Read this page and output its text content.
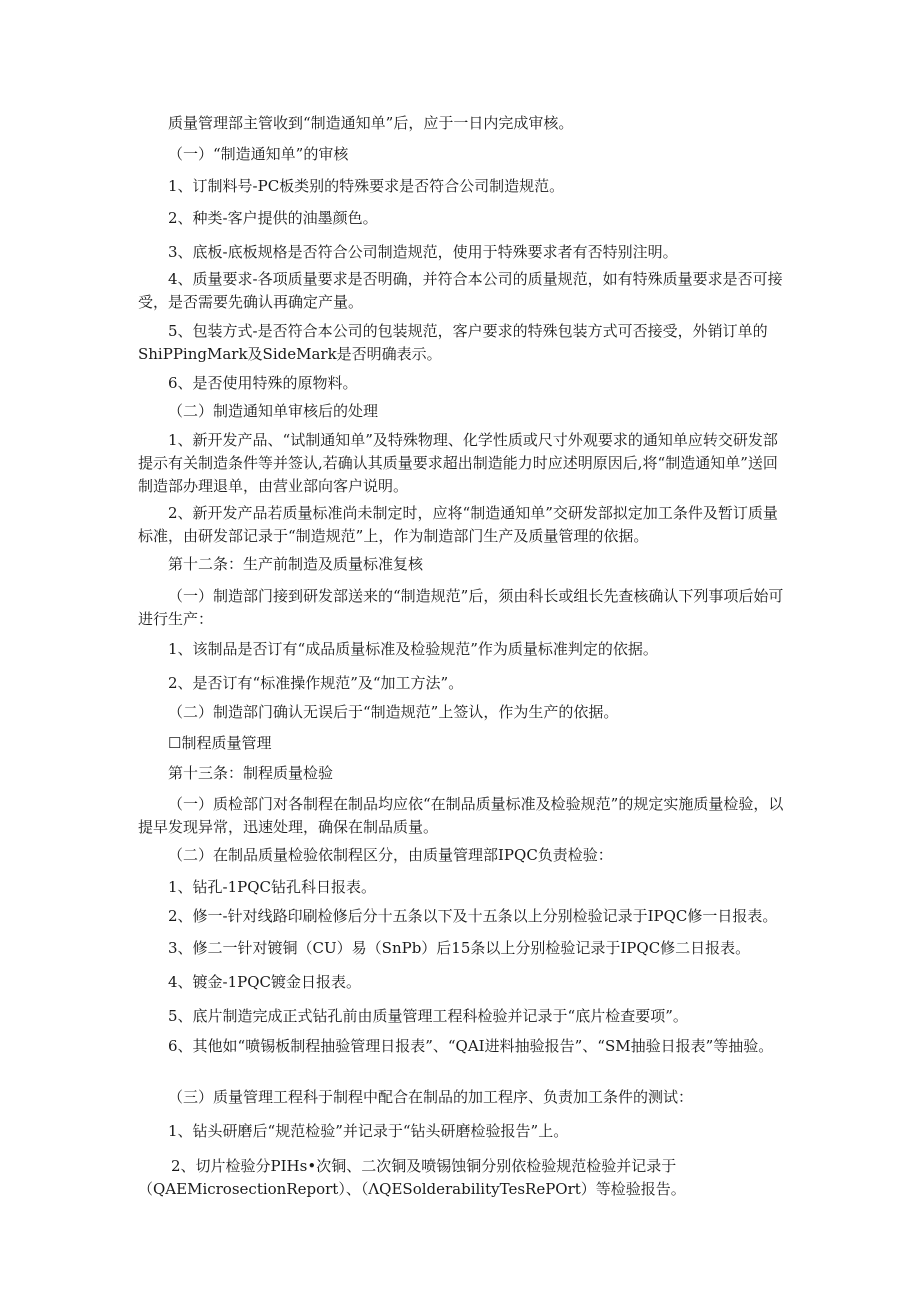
质量管理部主管收到“制造通知单”后，应于一日内完成审核。

（一）“制造通知单”的审核

1、订制料号-PC板类别的特殊要求是否符合公司制造规范。

2、种类-客户提供的油墨颜色。

3、底板-底板规格是否符合公司制造规范，使用于特殊要求者有否特别注明。

4、质量要求-各项质量要求是否明确，并符合本公司的质量规范，如有特殊质量要求是否可接受，是否需要先确认再确定产量。

5、包装方式-是否符合本公司的包装规范，客户要求的特殊包装方式可否接受，外销订单的ShiPPingMark及SideMark是否明确表示。

6、是否使用特殊的原物料。

（二）制造通知单审核后的处理

1、新开发产品、“试制通知单”及特殊物理、化学性质或尺寸外观要求的通知单应转交研发部提示有关制造条件等并签认,若确认其质量要求超出制造能力时应述明原因后,将“制造通知单”送回制造部办理退单，由营业部向客户说明。

2、新开发产品若质量标准尚未制定时，应将“制造通知单”交研发部拟定加工条件及暂订质量标准，由研发部记录于“制造规范”上，作为制造部门生产及质量管理的依据。

第十二条：生产前制造及质量标准复核

（一）制造部门接到研发部送来的“制造规范”后，须由科长或组长先查核确认下列事项后始可进行生产：

1、该制品是否订有“成品质量标准及检验规范”作为质量标准判定的依据。

2、是否订有“标准操作规范”及“加工方法”。

（二）制造部门确认无误后于“制造规范”上签认，作为生产的依据。

☐制程质量管理

第十三条：制程质量检验

（一）质检部门对各制程在制品均应依“在制品质量标准及检验规范”的规定实施质量检验，以提早发现异常，迅速处理，确保在制品质量。

（二）在制品质量检验依制程区分，由质量管理部IPQC负责检验：

1、钻孔-1PQC钻孔科日报表。

2、修一-针对线路印刷检修后分十五条以下及十五条以上分别检验记录于IPQC修一日报表。

3、修二一针对镀铜（CU）易（SnPb）后15条以上分别检验记录于IPQC修二日报表。

4、镀金-1PQC镀金日报表。

5、底片制造完成正式钻孔前由质量管理工程科检验并记录于“底片检查要项”。

6、其他如“喷锡板制程抽验管理日报表”、“QAI进料抽验报告”、“SM抽验日报表”等抽验。

（三）质量管理工程科于制程中配合在制品的加工程序、负责加工条件的测试：

1、钻头研磨后“规范检验”并记录于“钻头研磨检验报告”上。

2、切片检验分PIHs•次铜、二次铜及喷锡蚀铜分别依检验规范检验并记录于（QAEMicrosectionReport）、（ΛQESolderabilityTesRePOrt）等检验报告。
